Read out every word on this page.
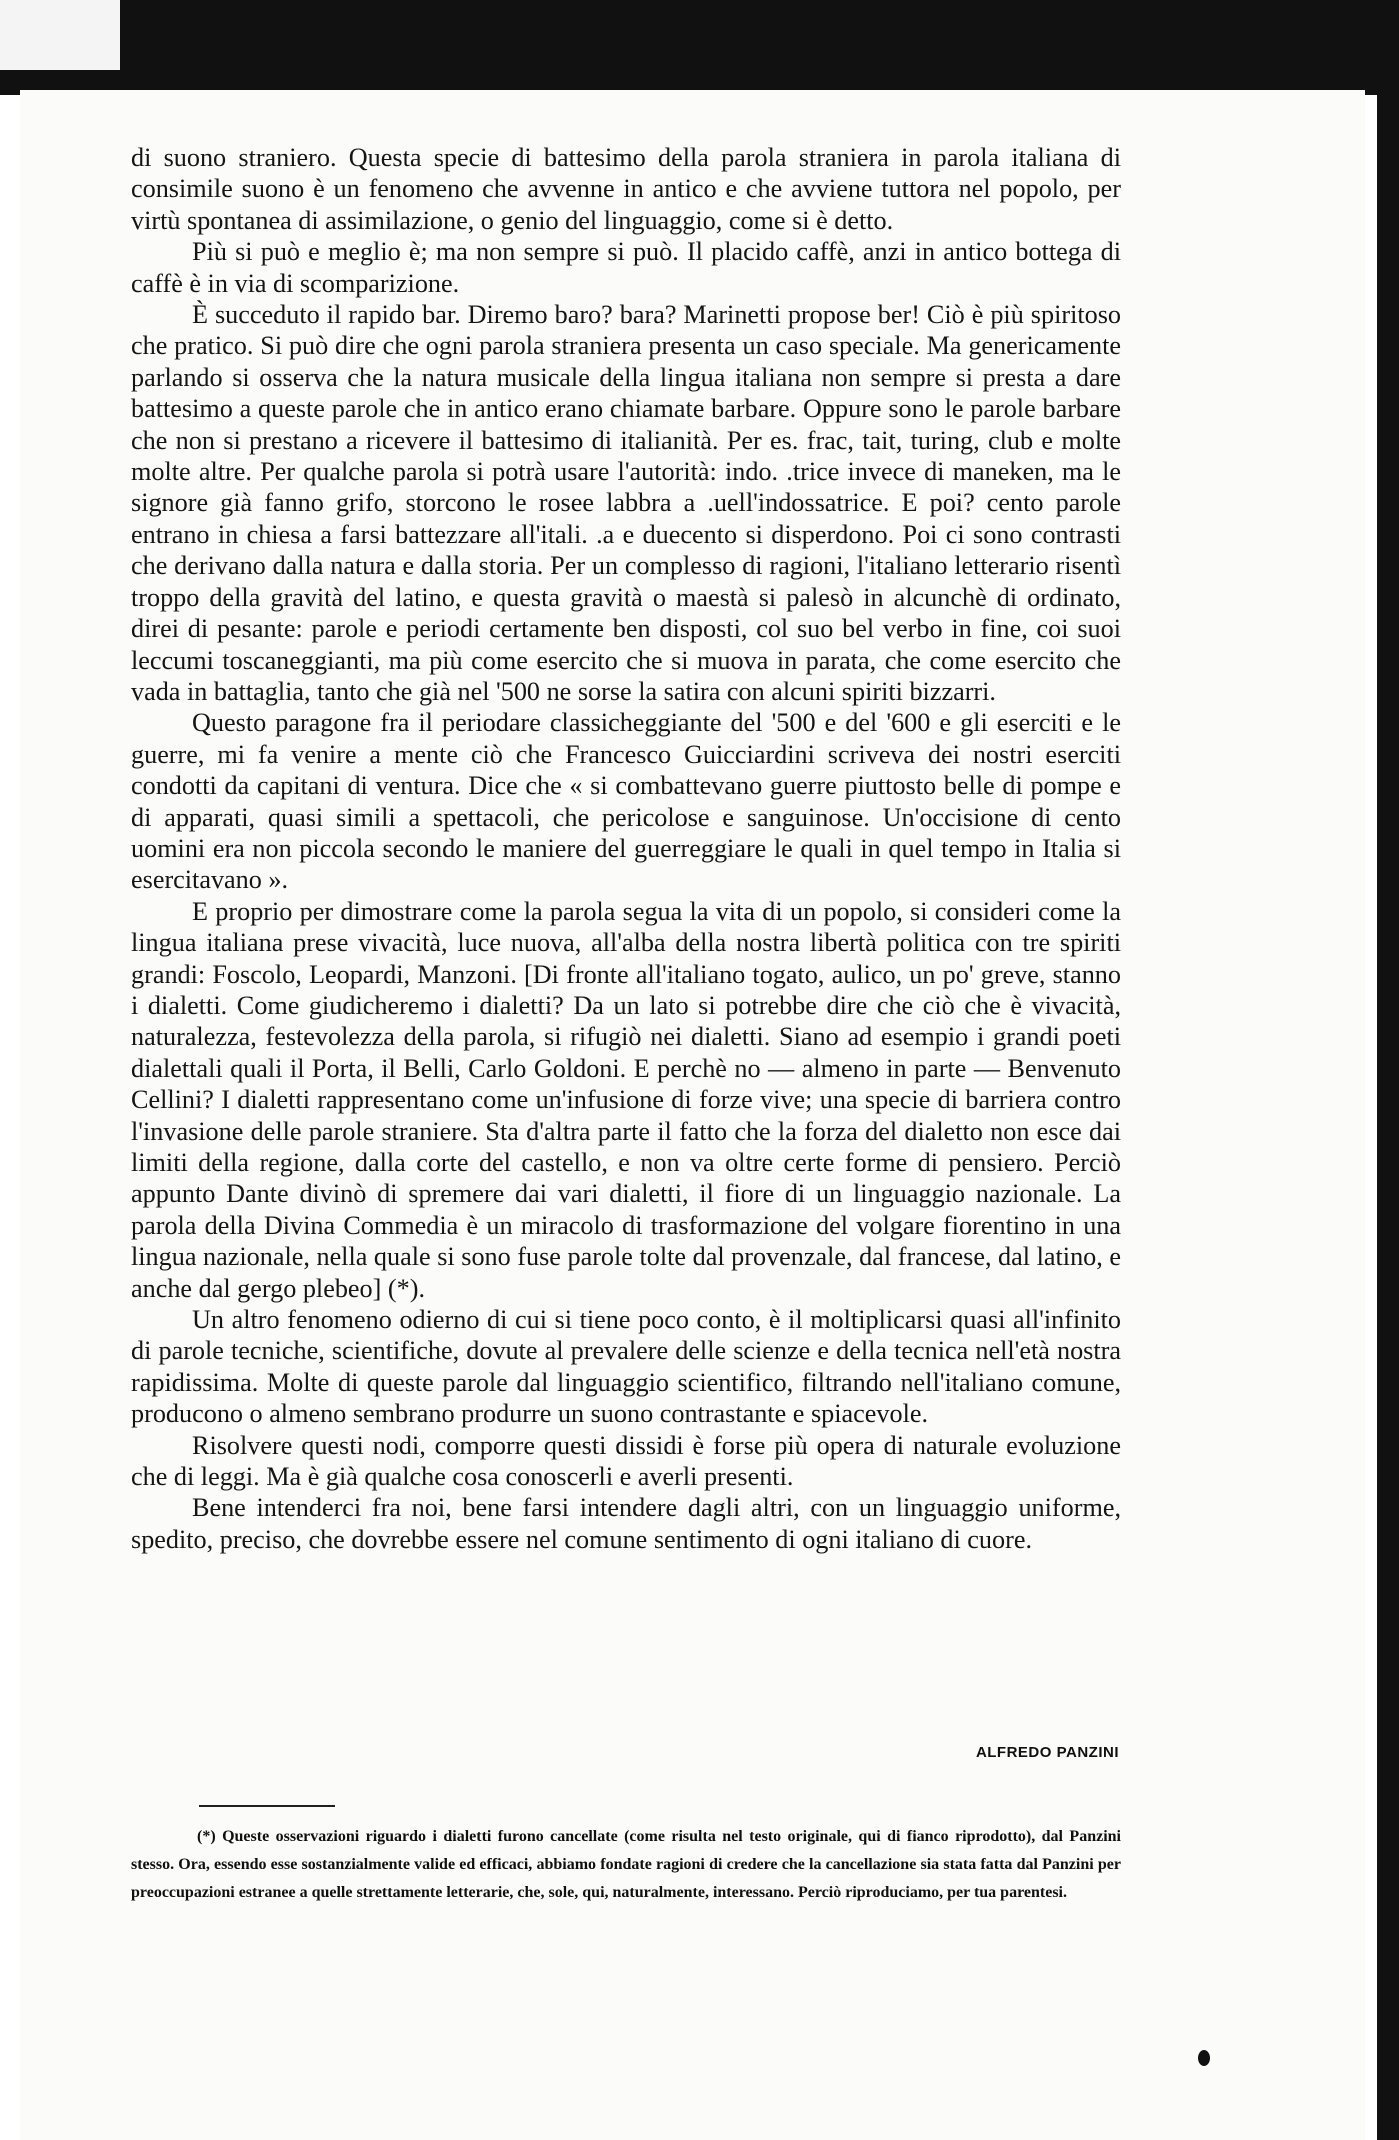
di suono straniero. Questa specie di battesimo della parola straniera in parola italiana di consimile suono è un fenomeno che avvenne in antico e che avviene tuttora nel popolo, per virtù spontanea di assimilazione, o genio del linguaggio, come si è detto.

Più si può e meglio è; ma non sempre si può. Il placido caffè, anzi in antico bottega di caffè è in via di scomparizione.

È succeduto il rapido bar. Diremo baro? bara? Marinetti propose ber! Ciò è più spiritoso che pratico. Si può dire che ogni parola straniera presenta un caso speciale. Ma genericamente parlando si osserva che la natura musicale della lingua italiana non sempre si presta a dare battesimo a queste parole che in antico erano chiamate barbare. Oppure sono le parole barbare che non si prestano a ricevere il battesimo di italianità. Per es. frac, tait, turing, club e molte molte altre. Per qualche parola si potrà usare l'autorità: indo. .trice invece di maneken, ma le signore già fanno grifo, storcono le rosee labbra a .uell'indossatrice. E poi? cento parole entrano in chiesa a farsi battezzare all'itali. .a e duecento si disperdono. Poi ci sono contrasti che derivano dalla natura e dalla storia. Per un complesso di ragioni, l'italiano letterario risentì troppo della gravità del latino, e questa gravità o maestà si palesò in alcunchè di ordinato, direi di pesante: parole e periodi certamente ben disposti, col suo bel verbo in fine, coi suoi leccumi toscaneggianti, ma più come esercito che si muova in parata, che come esercito che vada in battaglia, tanto che già nel '500 ne sorse la satira con alcuni spiriti bizzarri.

Questo paragone fra il periodare classicheggiante del '500 e del '600 e gli eserciti e le guerre, mi fa venire a mente ciò che Francesco Guicciardini scriveva dei nostri eserciti condotti da capitani di ventura. Dice che « si combattevano guerre piuttosto belle di pompe e di apparati, quasi simili a spettacoli, che pericolose e sanguinose. Un'occisione di cento uomini era non piccola secondo le maniere del guerreggiare le quali in quel tempo in Italia si esercitavano ».

E proprio per dimostrare come la parola segua la vita di un popolo, si consideri come la lingua italiana prese vivacità, luce nuova, all'alba della nostra libertà politica con tre spiriti grandi: Foscolo, Leopardi, Manzoni. [Di fronte all'italiano togato, aulico, un po' greve, stanno i dialetti. Come giudicheremo i dialetti? Da un lato si potrebbe dire che ciò che è vivacità, naturalezza, festevolezza della parola, si rifugiò nei dialetti. Siano ad esempio i grandi poeti dialettali quali il Porta, il Belli, Carlo Goldoni. E perchè no — almeno in parte — Benvenuto Cellini? I dialetti rappresentano come un'infusione di forze vive; una specie di barriera contro l'invasione delle parole straniere. Sta d'altra parte il fatto che la forza del dialetto non esce dai limiti della regione, dalla corte del castello, e non va oltre certe forme di pensiero. Perciò appunto Dante divinò di spremere dai vari dialetti, il fiore di un linguaggio nazionale. La parola della Divina Commedia è un miracolo di trasformazione del volgare fiorentino in una lingua nazionale, nella quale si sono fuse parole tolte dal provenzale, dal francese, dal latino, e anche dal gergo plebeo] (*).

Un altro fenomeno odierno di cui si tiene poco conto, è il moltiplicarsi quasi all'infinito di parole tecniche, scientifiche, dovute al prevalere delle scienze e della tecnica nell'età nostra rapidissima. Molte di queste parole dal linguaggio scientifico, filtrando nell'italiano comune, producono o almeno sembrano produrre un suono contrastante e spiacevole.

Risolvere questi nodi, comporre questi dissidi è forse più opera di naturale evoluzione che di leggi. Ma è già qualche cosa conoscerli e averli presenti.

Bene intenderci fra noi, bene farsi intendere dagli altri, con un linguaggio uniforme, spedito, preciso, che dovrebbe essere nel comune sentimento di ogni italiano di cuore.

ALFREDO PANZINI
(*) Queste osservazioni riguardo i dialetti furono cancellate (come risulta nel testo originale, qui di fianco riprodotto), dal Panzini stesso. Ora, essendo esse sostanzialmente valide ed efficaci, abbiamo fondate ragioni di credere che la cancellazione sia stata fatta dal Panzini per preoccupazioni estranee a quelle strettamente letterarie, che, sole, qui, naturalmente, interessano. Perciò riproduciamo, per tua parentesi.
